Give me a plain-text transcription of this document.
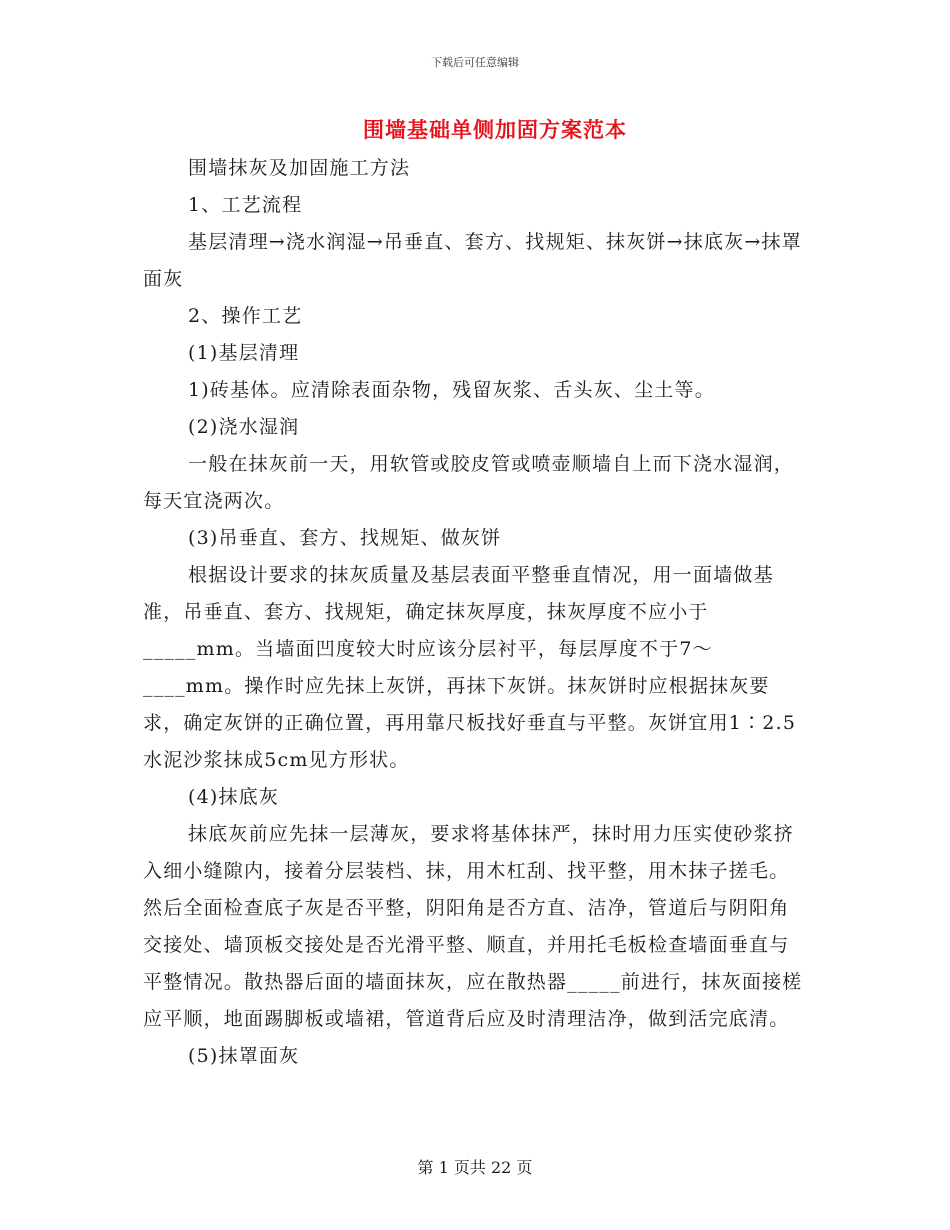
下载后可任意编辑
围墙基础单侧加固方案范本

围墙抹灰及加固施工方法

1、工艺流程

基层清理→浇水润湿→吊垂直、套方、找规矩、抹灰饼→抹底灰→抹罩面灰

2、操作工艺

(1)基层清理

1)砖基体。应清除表面杂物，残留灰浆、舌头灰、尘土等。

(2)浇水湿润

一般在抹灰前一天，用软管或胶皮管或喷壶顺墙自上而下浇水湿润，每天宜浇两次。

(3)吊垂直、套方、找规矩、做灰饼

根据设计要求的抹灰质量及基层表面平整垂直情况，用一面墙做基准，吊垂直、套方、找规矩，确定抹灰厚度，抹灰厚度不应小于_____mm。当墙面凹度较大时应该分层衬平，每层厚度不于7～____mm。操作时应先抹上灰饼，再抹下灰饼。抹灰饼时应根据抹灰要求，确定灰饼的正确位置，再用靠尺板找好垂直与平整。灰饼宜用1∶2.5水泥沙浆抹成5cm见方形状。

(4)抹底灰

抹底灰前应先抹一层薄灰，要求将基体抹严，抹时用力压实使砂浆挤入细小缝隙内，接着分层装档、抹，用木杠刮、找平整，用木抹子搓毛。然后全面检查底子灰是否平整，阴阳角是否方直、洁净，管道后与阴阳角交接处、墙顶板交接处是否光滑平整、顺直，并用托毛板检查墙面垂直与平整情况。散热器后面的墙面抹灰，应在散热器_____前进行，抹灰面接槎应平顺，地面踢脚板或墙裙，管道背后应及时清理洁净，做到活完底清。

(5)抹罩面灰

第 1 页共 22 页
